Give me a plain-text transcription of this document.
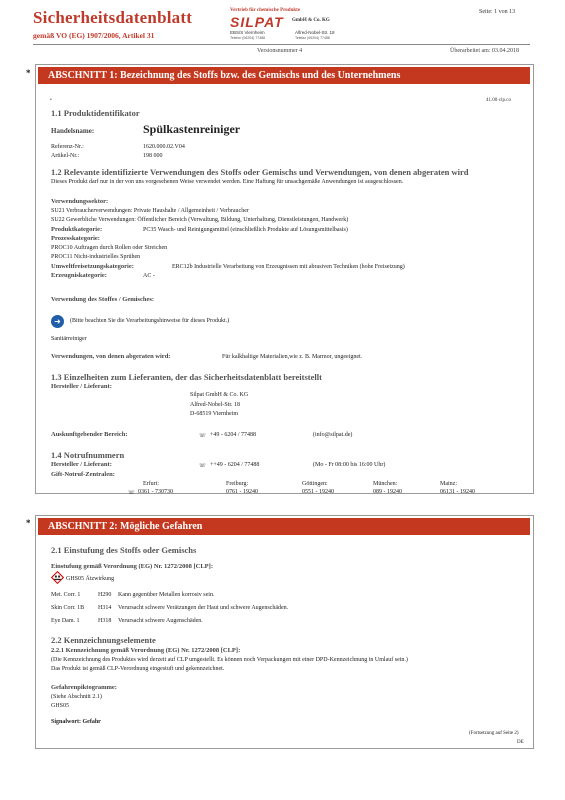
Sicherheitsdatenblatt
gemäß VO (EG) 1907/2006, Artikel 31
Vertrieb für chemische Produkte
SILPAT GmbH & Co. KG
EBS/S Viernheim	Alfred-Nobel-Str. 18
Telefon (06204) 77488	Telefax (06204) 77488
Seite: 1 von 13
Versionsnummer 4	Überarbeitet am: 03.04.2018
*	ABSCHNITT 1: Bezeichnung des Stoffs bzw. des Gemischs und des Unternehmens
41.00·clp.co
•
1.1 Produktidentifikator
Handelsname:	Spülkastenreiniger
Referenz-Nr.:	1620.000.02.V04
Artikel-Nr.:	198 000
1.2 Relevante identifizierte Verwendungen des Stoffs oder Gemischs und Verwendungen, von denen abgeraten wird
Dieses Produkt darf nur in der von uns vorgesehenen Weise verwendet werden. Eine Haftung für unsachgemäße Anwendungen ist ausgeschlossen.
Verwendungssektor:
SU21 Verbraucherverwendungen: Private Haushalte / Allgemeinheit / Verbraucher
SU22 Gewerbliche Verwendungen: Öffentlicher Bereich (Verwaltung, Bildung, Unterhaltung, Dienstleistungen, Handwerk)
Produktkategorie:	PC35 Wasch- und Reinigungsmittel (einschließlich Produkte auf Lösungsmittelbasis)
Prozesskategorie:
PROC10 Auftragen durch Rollen oder Streichen
PROC11 Nicht-industrielles Sprühen
Umweltfreisetzungskategorie:	ERC12b Industrielle Verarbeitung von Erzeugnissen mit abrasiven Techniken (hohe Freisetzung)
Erzeugniskategorie:	AC -
Verwendung des Stoffes / Gemisches:
➜	(Bitte beachten Sie die Verarbeitungshinweise für dieses Produkt.)
Sanitärreiniger
Verwendungen, von denen abgeraten wird:	Für kalkhaltige Materialien,wie z. B. Marmor, ungeeignet.
1.3 Einzelheiten zum Lieferanten, der das Sicherheitsdatenblatt bereitstellt
Hersteller / Lieferant:
Silpat GmbH & Co. KG
Alfred-Nobel-Str. 18
D-68519 Viernheim
Auskunftgebender Bereich:	☏ +49 - 6204 / 77488	(info@silpat.de)
1.4 Notrufnummern
Hersteller / Lieferant:	☏ ++49 - 6204 / 77488	(Mo - Fr 08:00 bis 16:00 Uhr)
Gift-Notruf-Zentralen:
Erfurt:
☏ 0361 - 730730
Freiburg:
0761 - 19240
Göttingen:
0551 - 19240
München:
089 - 19240
Mainz:
06131 - 19240
*	ABSCHNITT 2: Mögliche Gefahren
2.1 Einstufung des Stoffs oder Gemischs
Einstufung gemäß Verordnung (EG) Nr. 1272/2008 [CLP]:
GHS05 Ätzwirkung
Met. Corr. 1	H290 Kann gegenüber Metallen korrosiv sein.
Skin Corr. 1B H314 Verursacht schwere Verätzungen der Haut und schwere Augenschäden.
Eye Dam. 1	H318 Verursacht schwere Augenschäden.
2.2 Kennzeichnungselemente
2.2.1 Kennzeichnung gemäß Verordnung (EG) Nr. 1272/2008 [CLP]:
(Die Kennzeichnung des Produktes wird derzeit auf CLP umgestellt. Es können noch Verpackungen mit einer DPD-Kennzeichnung in Umlauf sein.)
Das Produkt ist gemäß CLP-Verordnung eingestuft und gekennzeichnet.
Gefahrenpiktogramme:
(Siehe Abschnitt 2.1)
GHS05
Signalwort: Gefahr
(Fortsetzung auf Seite 2)
DE
